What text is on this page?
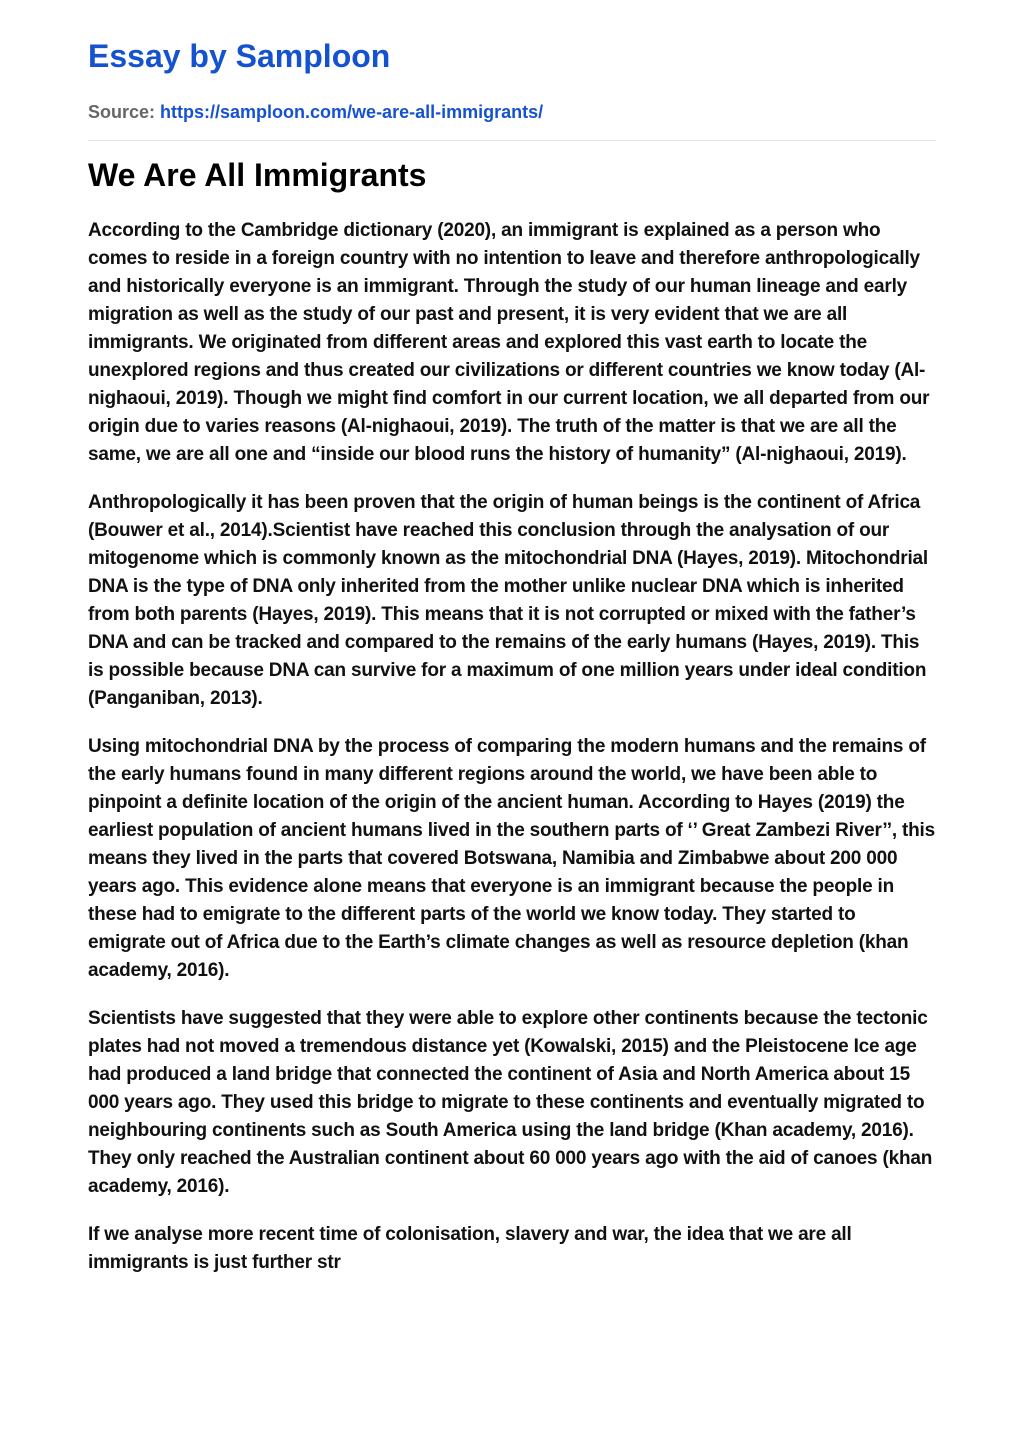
Essay by Samploon
Source: https://samploon.com/we-are-all-immigrants/
We Are All Immigrants

According to the Cambridge dictionary (2020), an immigrant is explained as a person who comes to reside in a foreign country with no intention to leave and therefore anthropologically and historically everyone is an immigrant. Through the study of our human lineage and early migration as well as the study of our past and present, it is very evident that we are all immigrants. We originated from different areas and explored this vast earth to locate the unexplored regions and thus created our civilizations or different countries we know today (Al-nighaoui, 2019). Though we might find comfort in our current location, we all departed from our origin due to varies reasons (Al-nighaoui, 2019). The truth of the matter is that we are all the same, we are all one and “inside our blood runs the history of humanity” (Al-nighaoui, 2019).

Anthropologically it has been proven that the origin of human beings is the continent of Africa (Bouwer et al., 2014).Scientist have reached this conclusion through the analysation of our mitogenome which is commonly known as the mitochondrial DNA (Hayes, 2019). Mitochondrial DNA is the type of DNA only inherited from the mother unlike nuclear DNA which is inherited from both parents (Hayes, 2019). This means that it is not corrupted or mixed with the father’s DNA and can be tracked and compared to the remains of the early humans (Hayes, 2019). This is possible because DNA can survive for a maximum of one million years under ideal condition (Panganiban, 2013).

Using mitochondrial DNA by the process of comparing the modern humans and the remains of the early humans found in many different regions around the world, we have been able to pinpoint a definite location of the origin of the ancient human. According to Hayes (2019) the earliest population of ancient humans lived in the southern parts of ‘’ Great Zambezi River’’, this means they lived in the parts that covered Botswana, Namibia and Zimbabwe about 200 000 years ago. This evidence alone means that everyone is an immigrant because the people in these had to emigrate to the different parts of the world we know today. They started to emigrate out of Africa due to the Earth’s climate changes as well as resource depletion (khan academy, 2016).

Scientists have suggested that they were able to explore other continents because the tectonic plates had not moved a tremendous distance yet (Kowalski, 2015) and the Pleistocene Ice age had produced a land bridge that connected the continent of Asia and North America about 15 000 years ago. They used this bridge to migrate to these continents and eventually migrated to neighbouring continents such as South America using the land bridge (Khan academy, 2016). They only reached the Australian continent about 60 000 years ago with the aid of canoes (khan academy, 2016).

If we analyse more recent time of colonisation, slavery and war, the idea that we are all immigrants is just further str
